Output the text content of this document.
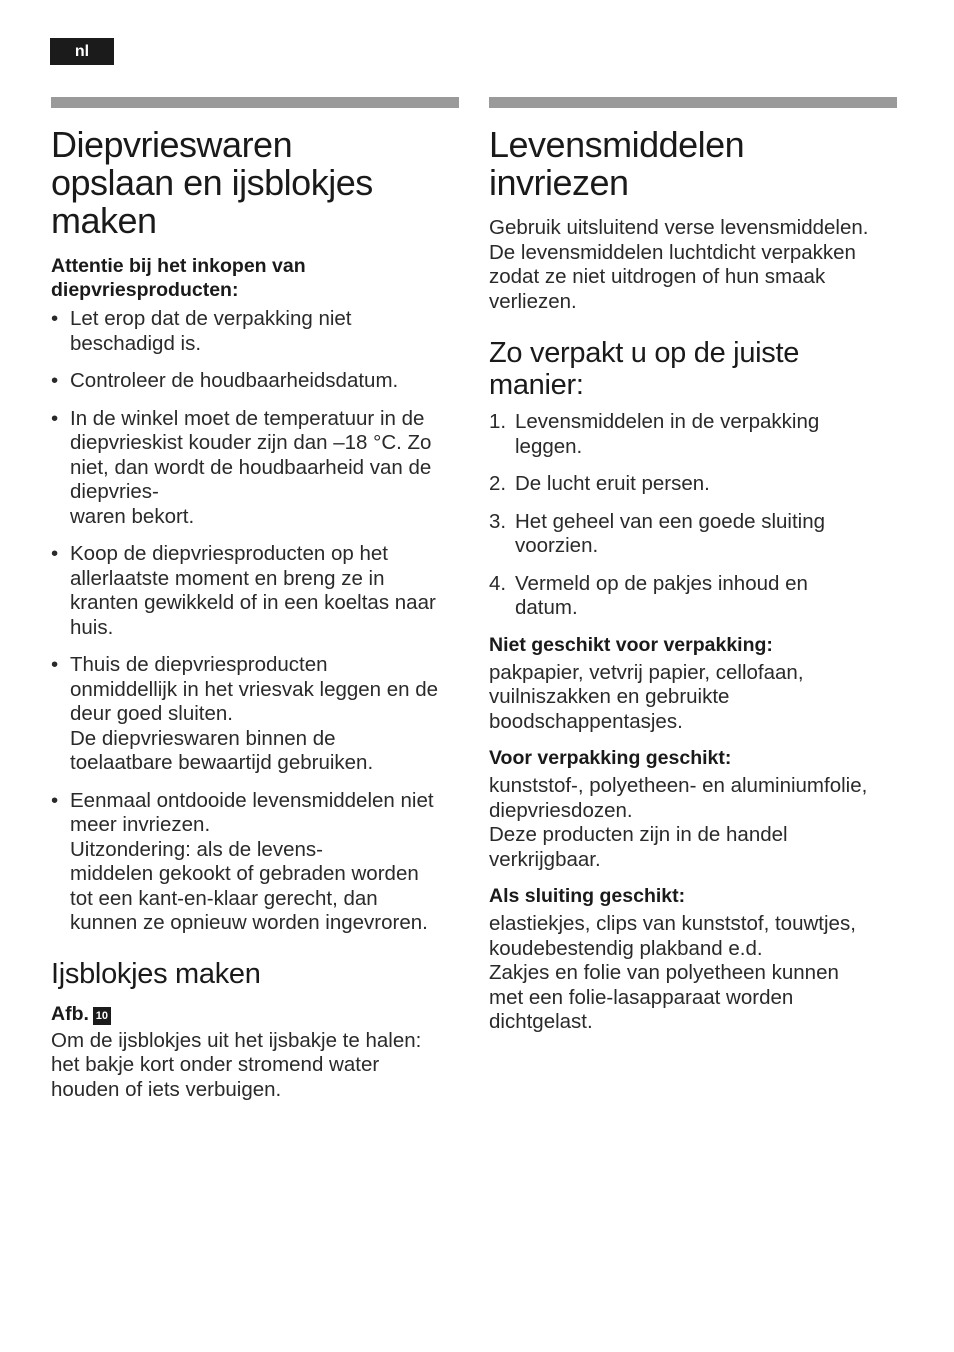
nl
Diepvrieswaren
opslaan en ijsblokjes
maken
Attentie bij het inkopen van
diepvriesproducten:
• Let erop dat de verpakking niet
beschadigd is.
• Controleer de houdbaarheidsdatum.
• In de winkel moet de temperatuur in de
diepvrieskist kouder zijn dan –18 °C. Zo
niet, dan wordt de houdbaarheid van de
diepvries-
waren bekort.
• Koop de diepvriesproducten op het
allerlaatste moment en breng ze in
kranten gewikkeld of in een koeltas naar
huis.
• Thuis de diepvriesproducten
onmiddellijk in het vriesvak leggen en de
deur goed sluiten.
De diepvrieswaren binnen de
toelaatbare bewaartijd gebruiken.
• Eenmaal ontdooide levensmiddelen niet
meer invriezen.
Uitzondering: als de levens-
middelen gekookt of gebraden worden
tot een kant-en-klaar gerecht, dan
kunnen ze opnieuw worden ingevroren.
Ijsblokjes maken
Afb. 10

Om de ijsblokjes uit het ijsbakje te halen:
het bakje kort onder stromend water
houden of iets verbuigen.

Levensmiddelen
invriezen

Gebruik uitsluitend verse levensmiddelen.
De levensmiddelen luchtdicht verpakken
zodat ze niet uitdrogen of hun smaak
verliezen.

Zo verpakt u op de juiste
manier:
1. Levensmiddelen in de verpakking
leggen.
2. De lucht eruit persen.
3. Het geheel van een goede sluiting
voorzien.
4. Vermeld op de pakjes inhoud en
datum.
Niet geschikt voor verpakking:

pakpapier, vetvrij papier, cellofaan,
vuilniszakken en gebruikte
boodschappentasjes.

Voor verpakking geschikt:

kunststof-, polyetheen- en aluminiumfolie,
diepvriesdozen.
Deze producten zijn in de handel
verkrijgbaar.

Als sluiting geschikt:

elastiekjes, clips van kunststof, touwtjes,
koudebestendig plakband e.d.
Zakjes en folie van polyetheen kunnen
met een folie-lasapparaat worden
dichtgelast.
